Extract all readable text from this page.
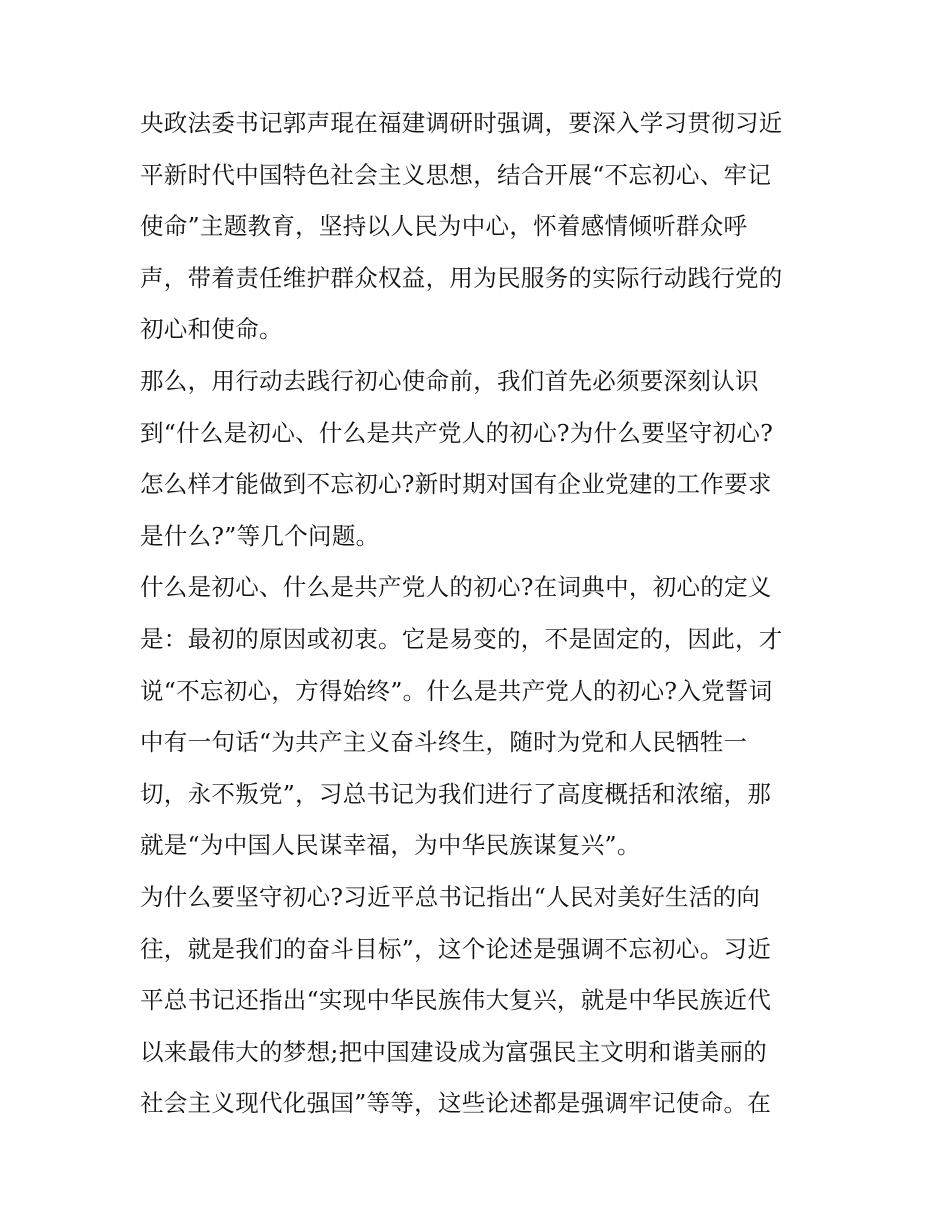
央政法委书记郭声琨在福建调研时强调，要深入学习贯彻习近
平新时代中国特色社会主义思想，结合开展“不忘初心、牢记
使命”主题教育，坚持以人民为中心，怀着感情倾听群众呼
声，带着责任维护群众权益，用为民服务的实际行动践行党的
初心和使命。
那么，用行动去践行初心使命前，我们首先必须要深刻认识
到“什么是初心、什么是共产党人的初心?为什么要坚守初心?
怎么样才能做到不忘初心?新时期对国有企业党建的工作要求
是什么?”等几个问题。
什么是初心、什么是共产党人的初心?在词典中，初心的定义
是：最初的原因或初衷。它是易变的，不是固定的，因此，才
说“不忘初心，方得始终”。什么是共产党人的初心?入党誓词
中有一句话“为共产主义奋斗终生，随时为党和人民牺牲一
切，永不叛党”，习总书记为我们进行了高度概括和浓缩，那
就是“为中国人民谋幸福，为中华民族谋复兴”。
为什么要坚守初心?习近平总书记指出“人民对美好生活的向
往，就是我们的奋斗目标”，这个论述是强调不忘初心。习近
平总书记还指出“实现中华民族伟大复兴，就是中华民族近代
以来最伟大的梦想;把中国建设成为富强民主文明和谐美丽的
社会主义现代化强国”等等，这些论述都是强调牢记使命。在
